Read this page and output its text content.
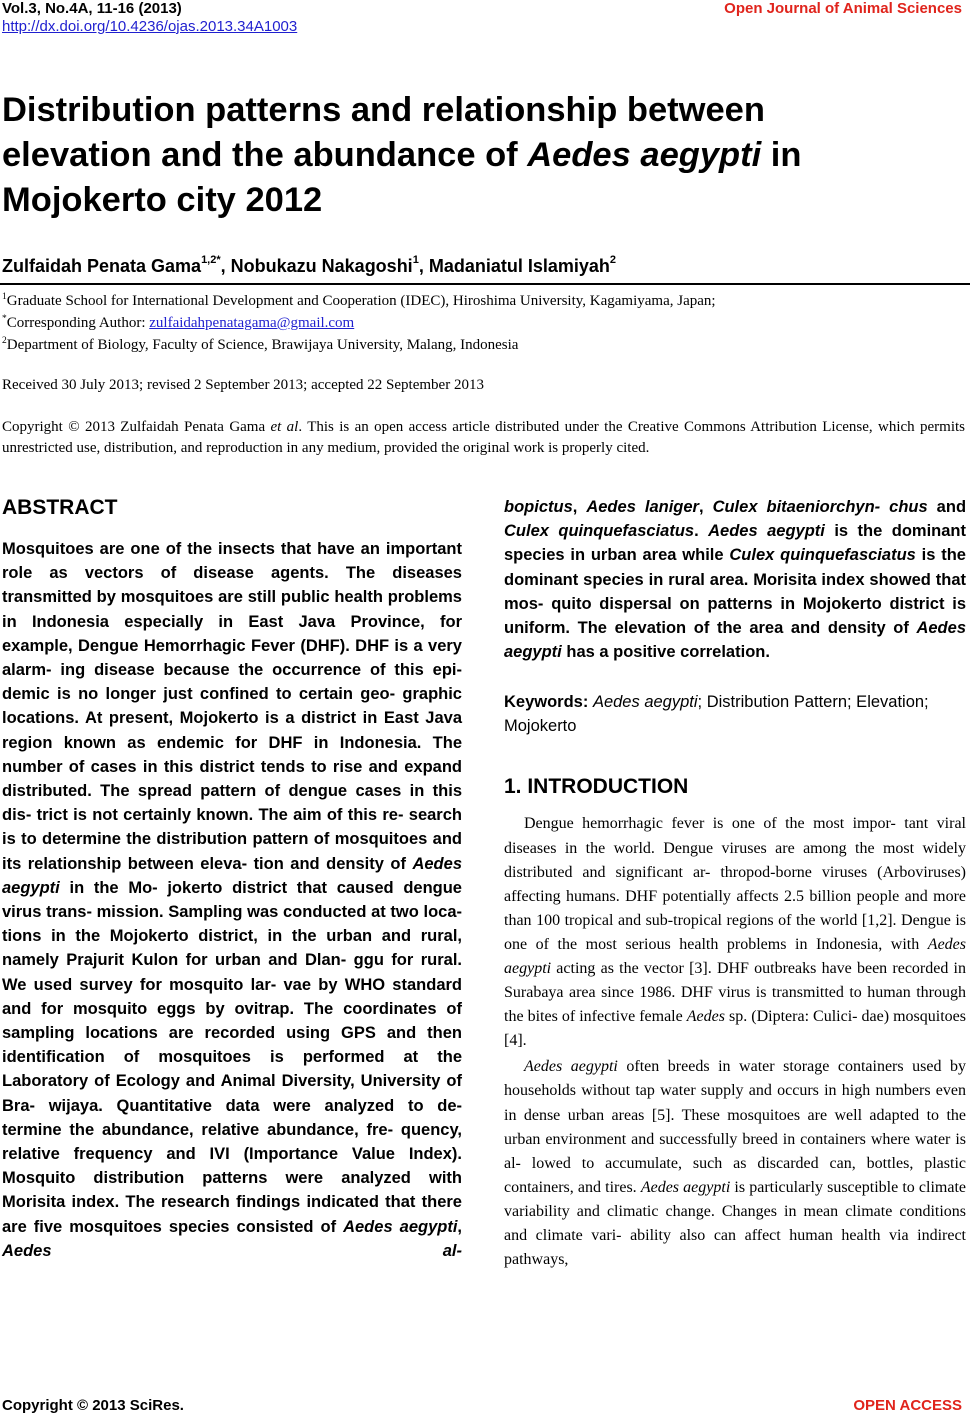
Vol.3, No.4A, 11-16 (2013)
http://dx.doi.org/10.4236/ojas.2013.34A1003
Open Journal of Animal Sciences
Distribution patterns and relationship between
elevation and the abundance of Aedes aegypti in
Mojokerto city 2012
Zulfaidah Penata Gama$^{1,2*}$, Nobukazu Nakagoshi$^1$, Madaniatul Islamiyah$^2$
$^1$Graduate School for International Development and Cooperation (IDEC), Hiroshima University, Kagamiyama, Japan;
*Corresponding Author: zulfaidahpenatagama@gmail.com
$^2$Department of Biology, Faculty of Science, Brawijaya University, Malang, Indonesia
Received 30 July 2013; revised 2 September 2013; accepted 22 September 2013
Copyright © 2013 Zulfaidah Penata Gama et al. This is an open access article distributed under the Creative Commons Attribution License, which permits unrestricted use, distribution, and reproduction in any medium, provided the original work is properly cited.
ABSTRACT

Mosquitoes are one of the insects that have an important role as vectors of disease agents. The diseases transmitted by mosquitoes are still public health problems in Indonesia especially in East Java Province, for example, Dengue Hemorrhagic Fever (DHF). DHF is a very alarm- ing disease because the occurrence of this epi- demic is no longer just confined to certain geo- graphic locations. At present, Mojokerto is a district in East Java region known as endemic for DHF in Indonesia. The number of cases in this district tends to rise and expand distributed. The spread pattern of dengue cases in this dis- trict is not certainly known. The aim of this re- search is to determine the distribution pattern of mosquitoes and its relationship between eleva- tion and density of Aedes aegypti in the Mo- jokerto district that caused dengue virus trans- mission. Sampling was conducted at two loca- tions in the Mojokerto district, in the urban and rural, namely Prajurit Kulon for urban and Dlan- ggu for rural. We used survey for mosquito lar- vae by WHO standard and for mosquito eggs by ovitrap. The coordinates of sampling locations are recorded using GPS and then identification of mosquitoes is performed at the Laboratory of Ecology and Animal Diversity, University of Bra- wijaya. Quantitative data were analyzed to de- termine the abundance, relative abundance, fre- quency, relative frequency and IVI (Importance Value Index). Mosquito distribution patterns were analyzed with Morisita index. The research findings indicated that there are five mosquitoes species consisted of Aedes aegypti, Aedes al-

bopictus, Aedes laniger, Culex bitaeniorchyn- chus and Culex quinquefasciatus. Aedes aegypti is the dominant species in urban area while Culex quinquefasciatus is the dominant species in rural area. Morisita index showed that mos- quito dispersal on patterns in Mojokerto district is uniform. The elevation of the area and density of Aedes aegypti has a positive correlation.

Keywords: Aedes aegypti; Distribution Pattern; Elevation; Mojokerto

1. INTRODUCTION

Dengue hemorrhagic fever is one of the most impor- tant viral diseases in the world. Dengue viruses are among the most widely distributed and significant ar- thropod-borne viruses (Arboviruses) affecting humans. DHF potentially affects 2.5 billion people and more than 100 tropical and sub-tropical regions of the world [1,2]. Dengue is one of the most serious health problems in Indonesia, with Aedes aegypti acting as the vector [3]. DHF outbreaks have been recorded in Surabaya area since 1986. DHF virus is transmitted to human through the bites of infective female Aedes sp. (Diptera: Culici- dae) mosquitoes [4].

Aedes aegypti often breeds in water storage containers used by households without tap water supply and occurs in high numbers even in dense urban areas [5]. These mosquitoes are well adapted to the urban environment and successfully breed in containers where water is al- lowed to accumulate, such as discarded can, bottles, plastic containers, and tires. Aedes aegypti is particularly susceptible to climate variability and climatic change. Changes in mean climate conditions and climate vari- ability also can affect human health via indirect pathways,

Copyright © 2013 SciRes.	OPEN ACCESS
